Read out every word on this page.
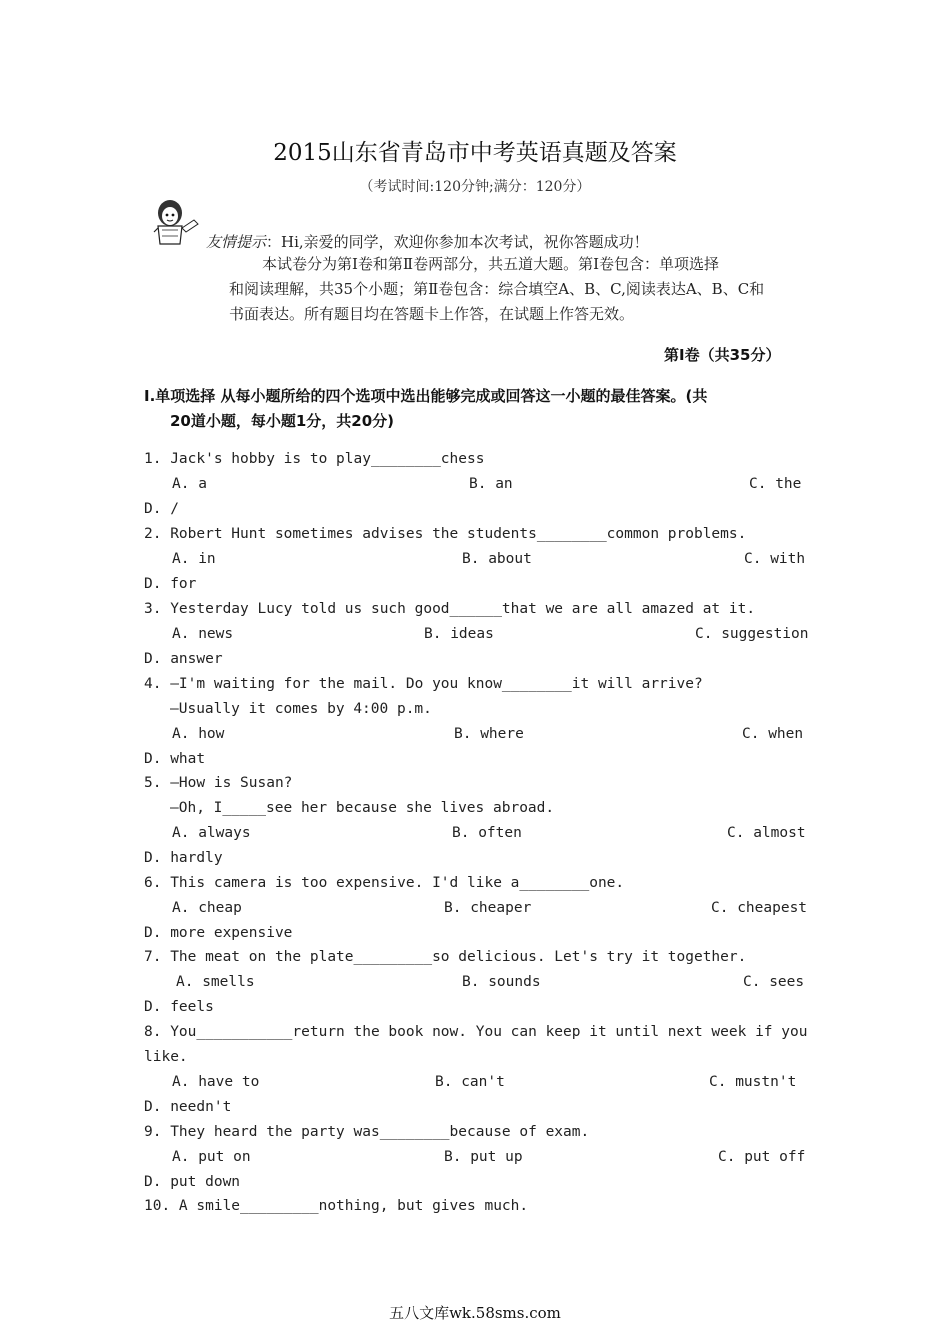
2015山东省青岛市中考英语真题及答案
（考试时间:120分钟;满分：120分）
友情提示：Hi,亲爱的同学，欢迎你参加本次考试，祝你答题成功！
本试卷分为第Ⅰ卷和第Ⅱ卷两部分，共五道大题。第Ⅰ卷包含：单项选择
和阅读理解，共35个小题；第Ⅱ卷包含：综合填空A、B、C,阅读表达A、B、C和
书面表达。所有题目均在答题卡上作答，在试题上作答无效。
第Ⅰ卷（共35分）
Ⅰ.单项选择 从每小题所给的四个选项中选出能够完成或回答这一小题的最佳答案。(共
20道小题，每小题1分，共20分)
1. Jack's hobby is to play________chess
A. a	B. an	C. the
D. /
2. Robert Hunt sometimes advises the students________common problems.
A. in	B. about	C. with
D. for
3. Yesterday Lucy told us such good______that we are all amazed at it.
A. news	B. ideas	C. suggestion
D. answer
4. —I'm waiting for the mail. Do you know________it will arrive?
—Usually it comes by 4:00 p.m.
A. how	B. where	C. when
D. what
5. —How is Susan?
—Oh, I_____see her because she lives abroad.
A. always	B. often	C. almost
D. hardly
6. This camera is too expensive. I'd like a________one.
A. cheap	B. cheaper	C. cheapest
D. more expensive
7. The meat on the plate_________so delicious. Let's try it together.
A. smells	B. sounds	C. sees
D. feels
8. You___________return the book now. You can keep it until next week if you
like.
A. have to	B. can't	C. mustn't
D. needn't
9. They heard the party was________because of exam.
A. put on	B. put up	C. put off
D. put down
10. A smile_________nothing, but gives much.
五八文库wk.58sms.com
